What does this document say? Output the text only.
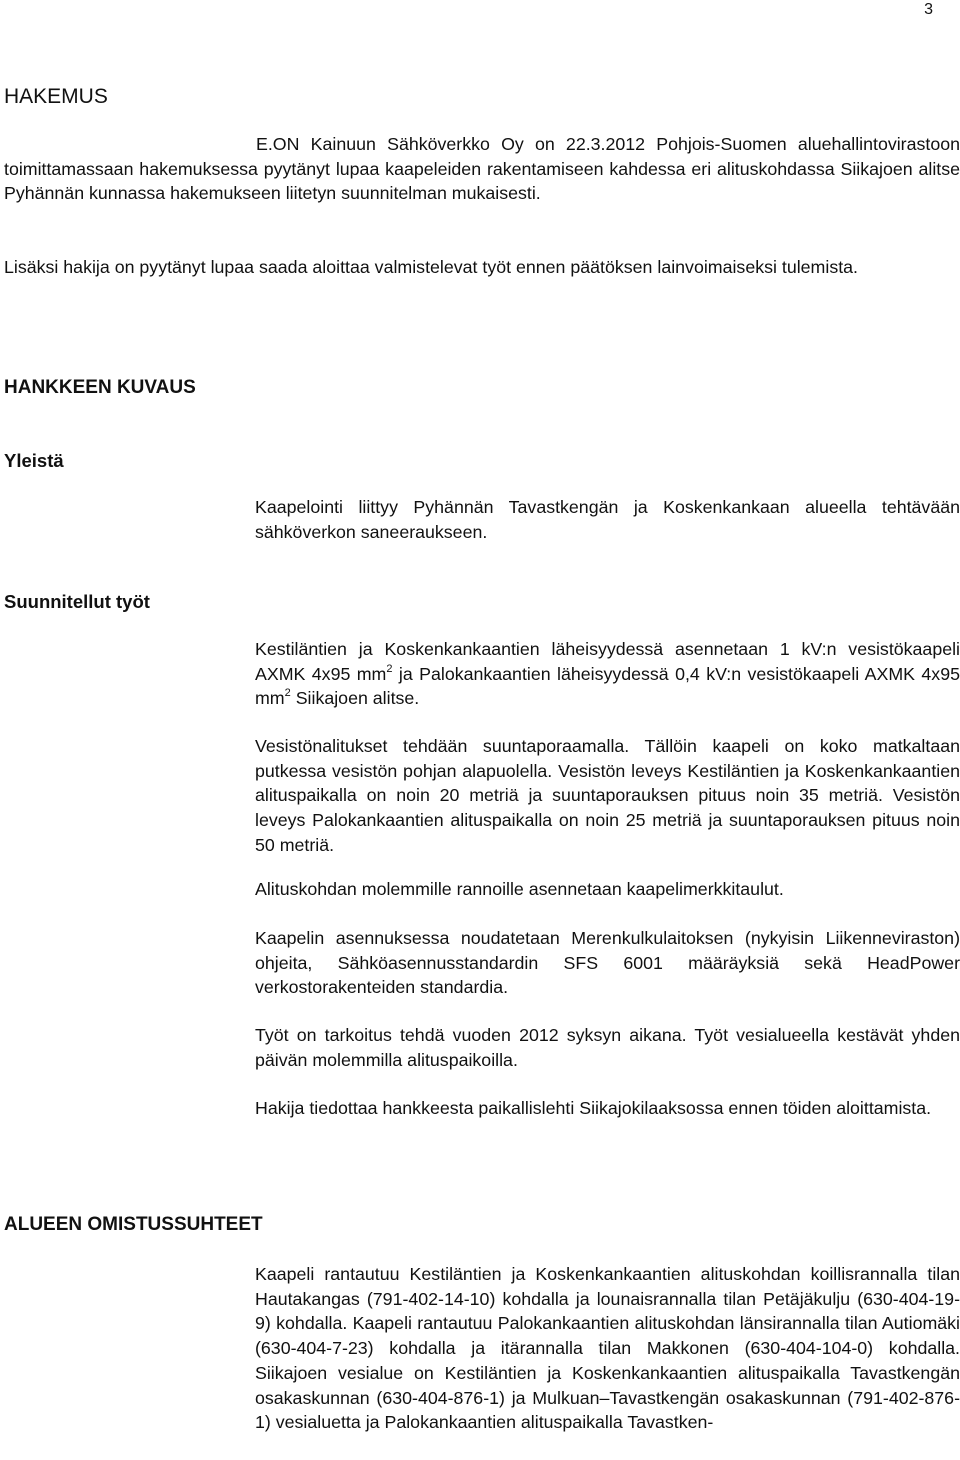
3
HAKEMUS

E.ON Kainuun Sähköverkko Oy on 22.3.2012 Pohjois-Suomen aluehallintovirastoon toimittamassaan hakemuksessa pyytänyt lupaa kaapeleiden rakentamiseen kahdessa eri alituskohdassa Siikajoen alitse Pyhännän kunnassa hakemukseen liitetyn suunnitelman mukaisesti.

Lisäksi hakija on pyytänyt lupaa saada aloittaa valmistelevat työt ennen päätöksen lainvoimaiseksi tulemista.

HANKKEEN KUVAUS
Yleistä

Kaapelointi liittyy Pyhännän Tavastkengän ja Koskenkankaan alueella tehtävään sähköverkon saneeraukseen.

Suunnitellut työt

Kestiläntien ja Koskenkankaantien läheisyydessä asennetaan 1 kV:n vesistökaapeli AXMK 4x95 $mm^2$ ja Palokankaantien läheisyydessä 0,4 kV:n vesistökaapeli AXMK 4x95 $mm^2$ Siikajoen alitse.

Vesistönalitukset tehdään suuntaporaamalla. Tällöin kaapeli on koko matkaltaan putkessa vesistön pohjan alapuolella. Vesistön leveys Kestiläntien ja Koskenkankaantien alituspaikalla on noin 20 metriä ja suuntaporauksen pituus noin 35 metriä. Vesistön leveys Palokankaantien alituspaikalla on noin 25 metriä ja suuntaporauksen pituus noin 50 metriä.

Alituskohdan molemmille rannoille asennetaan kaapelimerkkitaulut.

Kaapelin asennuksessa noudatetaan Merenkulkulaitoksen (nykyisin Liikenneviraston) ohjeita, Sähköasennusstandardin SFS 6001 määräyksiä sekä HeadPower verkostorakenteiden standardia.

Työt on tarkoitus tehdä vuoden 2012 syksyn aikana. Työt vesialueella kestävät yhden päivän molemmilla alituspaikoilla.

Hakija tiedottaa hankkeesta paikallislehti Siikajokilaaksossa ennen töiden aloittamista.

ALUEEN OMISTUSSUHTEET

Kaapeli rantautuu Kestiläntien ja Koskenkankaantien alituskohdan koillisrannalla tilan Hautakangas (791-402-14-10) kohdalla ja lounaisrannalla tilan Petäjäkulju (630-404-19-9) kohdalla. Kaapeli rantautuu Palokankaantien alituskohdan länsirannalla tilan Autiomäki (630-404-7-23) kohdalla ja itärannalla tilan Makkonen (630-404-104-0) kohdalla. Siikajoen vesialue on Kestiläntien ja Koskenkankaantien alituspaikalla Tavastkengän osakaskunnan (630-404-876-1) ja Mulkuan–Tavastkengän osakaskunnan (791-402-876-1) vesialuetta ja Palokankaantien alituspaikalla Tavastken-
